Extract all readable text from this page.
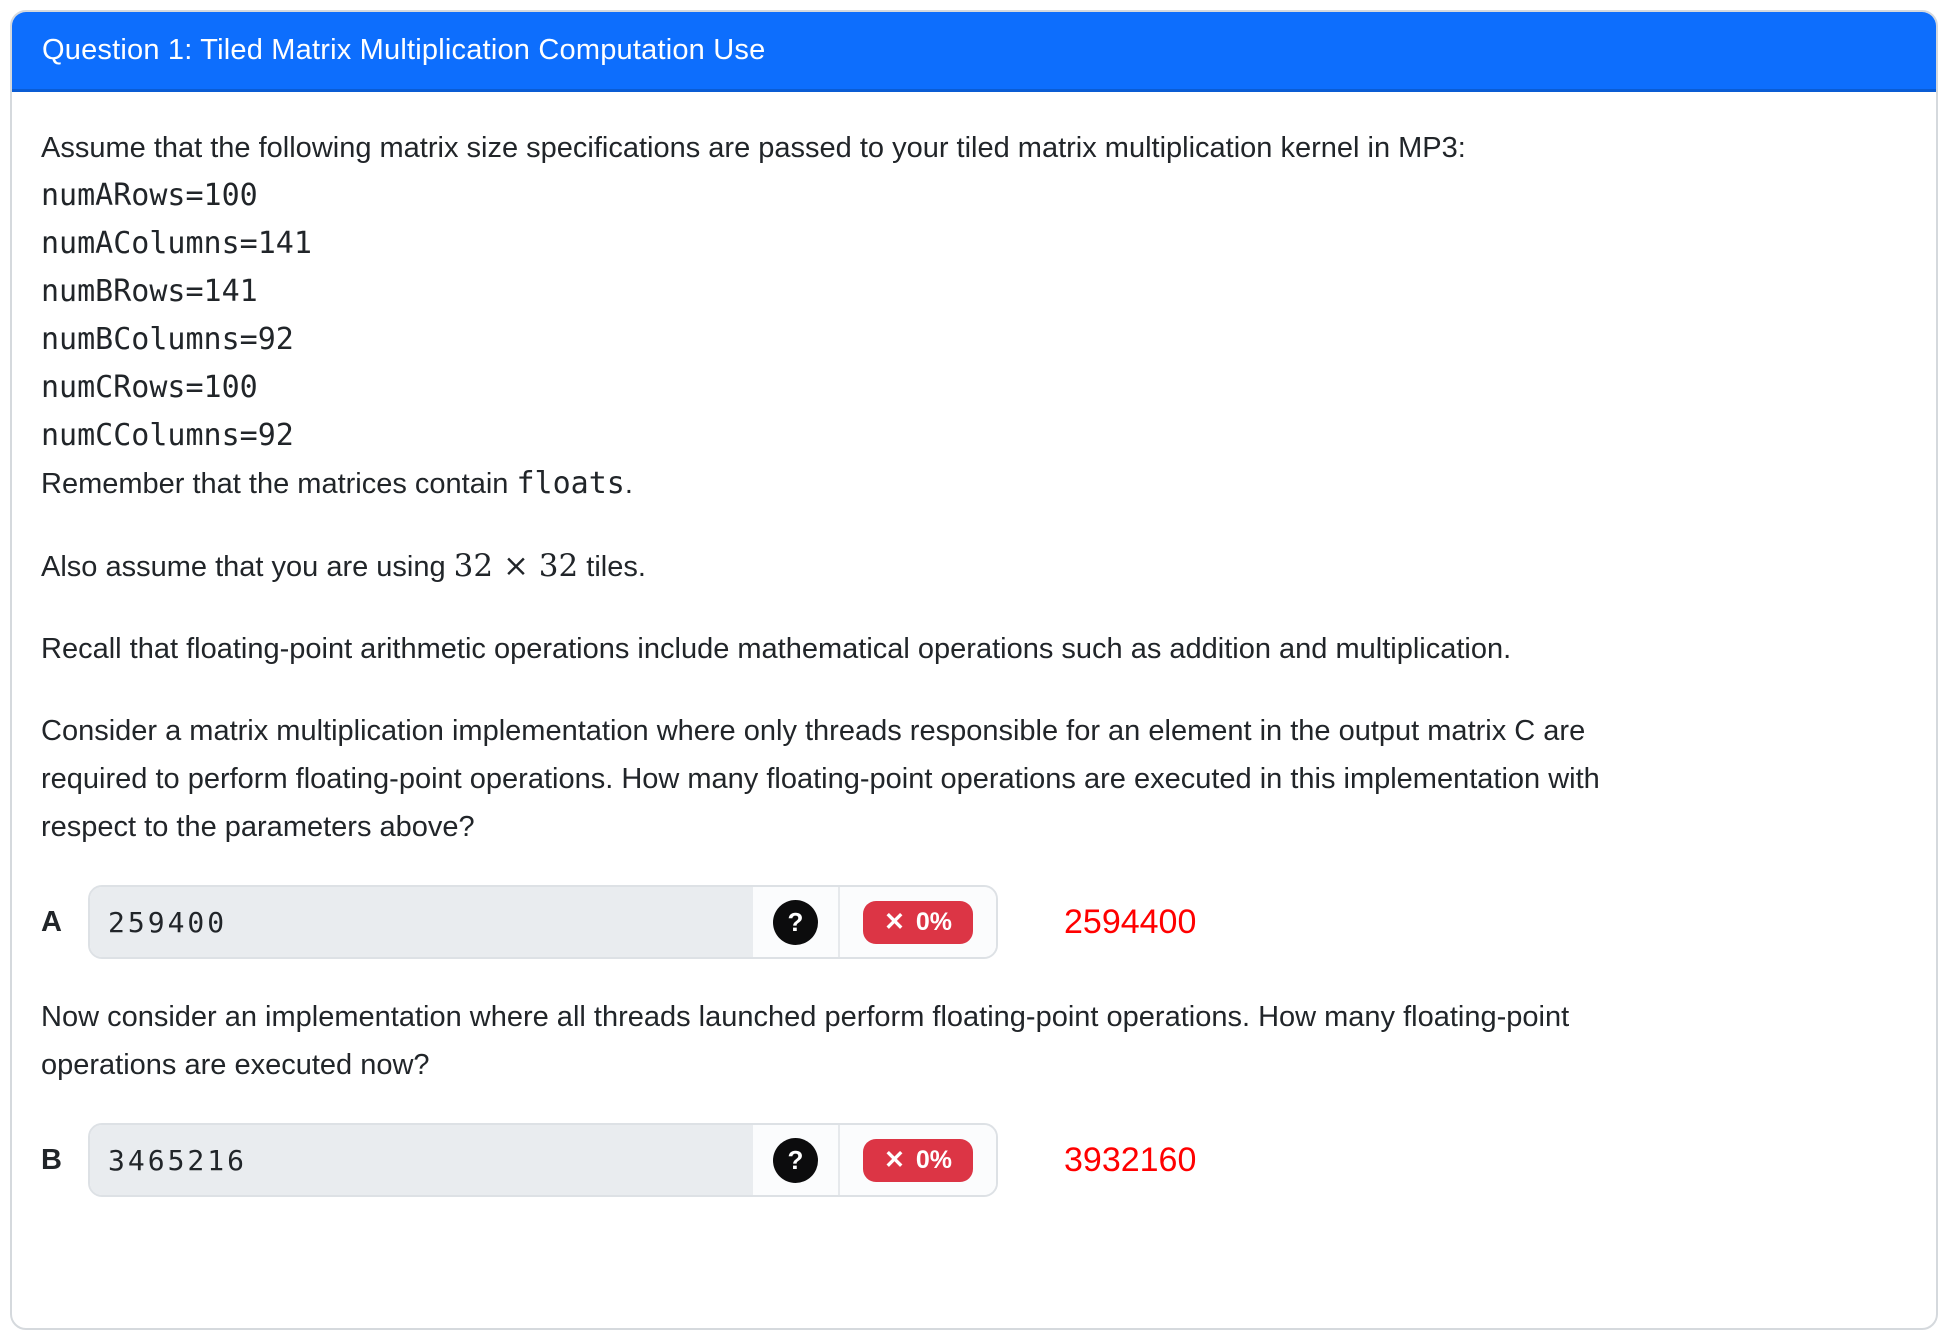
Question 1: Tiled Matrix Multiplication Computation Use

Assume that the following matrix size specifications are passed to your tiled matrix multiplication kernel in MP3:
numARows=100
numAColumns=141
numBRows=141
numBColumns=92
numCRows=100
numCColumns=92
Remember that the matrices contain floats.

Also assume that you are using 32 × 32 tiles.

Recall that floating-point arithmetic operations include mathematical operations such as addition and multiplication.

Consider a matrix multiplication implementation where only threads responsible for an element in the output matrix C are
required to perform floating-point operations. How many floating-point operations are executed in this implementation with
respect to the parameters above?

A
259400	?	✕ 0%	2594400

Now consider an implementation where all threads launched perform floating-point operations. How many floating-point
operations are executed now?

B
3465216	?	✕ 0%	3932160
